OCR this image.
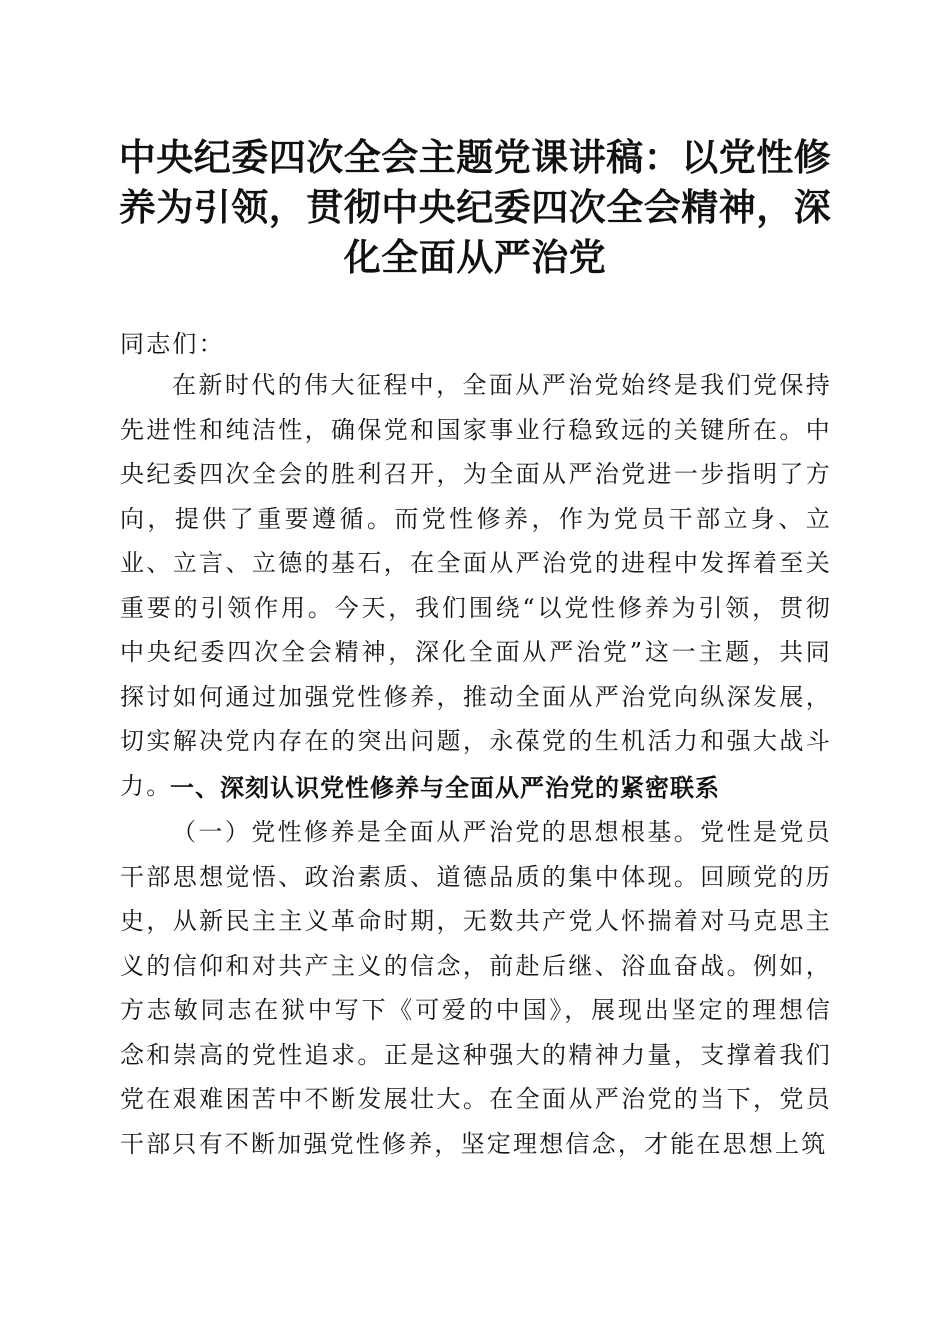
中央纪委四次全会主题党课讲稿：以党性修养为引领，贯彻中央纪委四次全会精神，深化全面从严治党

同志们：

在新时代的伟大征程中，全面从严治党始终是我们党保持先进性和纯洁性，确保党和国家事业行稳致远的关键所在。中央纪委四次全会的胜利召开，为全面从严治党进一步指明了方向，提供了重要遵循。而党性修养，作为党员干部立身、立业、立言、立德的基石，在全面从严治党的进程中发挥着至关重要的引领作用。今天，我们围绕“以党性修养为引领，贯彻中央纪委四次全会精神，深化全面从严治党”这一主题，共同探讨如何通过加强党性修养，推动全面从严治党向纵深发展，切实解决党内存在的突出问题，永葆党的生机活力和强大战斗力。

一、深刻认识党性修养与全面从严治党的紧密联系

（一）党性修养是全面从严治党的思想根基。党性是党员干部思想觉悟、政治素质、道德品质的集中体现。回顾党的历史，从新民主主义革命时期，无数共产党人怀揣着对马克思主义的信仰和对共产主义的信念，前赴后继、浴血奋战。例如，方志敏同志在狱中写下《可爱的中国》，展现出坚定的理想信念和崇高的党性追求。正是这种强大的精神力量，支撑着我们党在艰难困苦中不断发展壮大。在全面从严治党的当下，党员干部只有不断加强党性修养，坚定理想信念，才能在思想上筑
